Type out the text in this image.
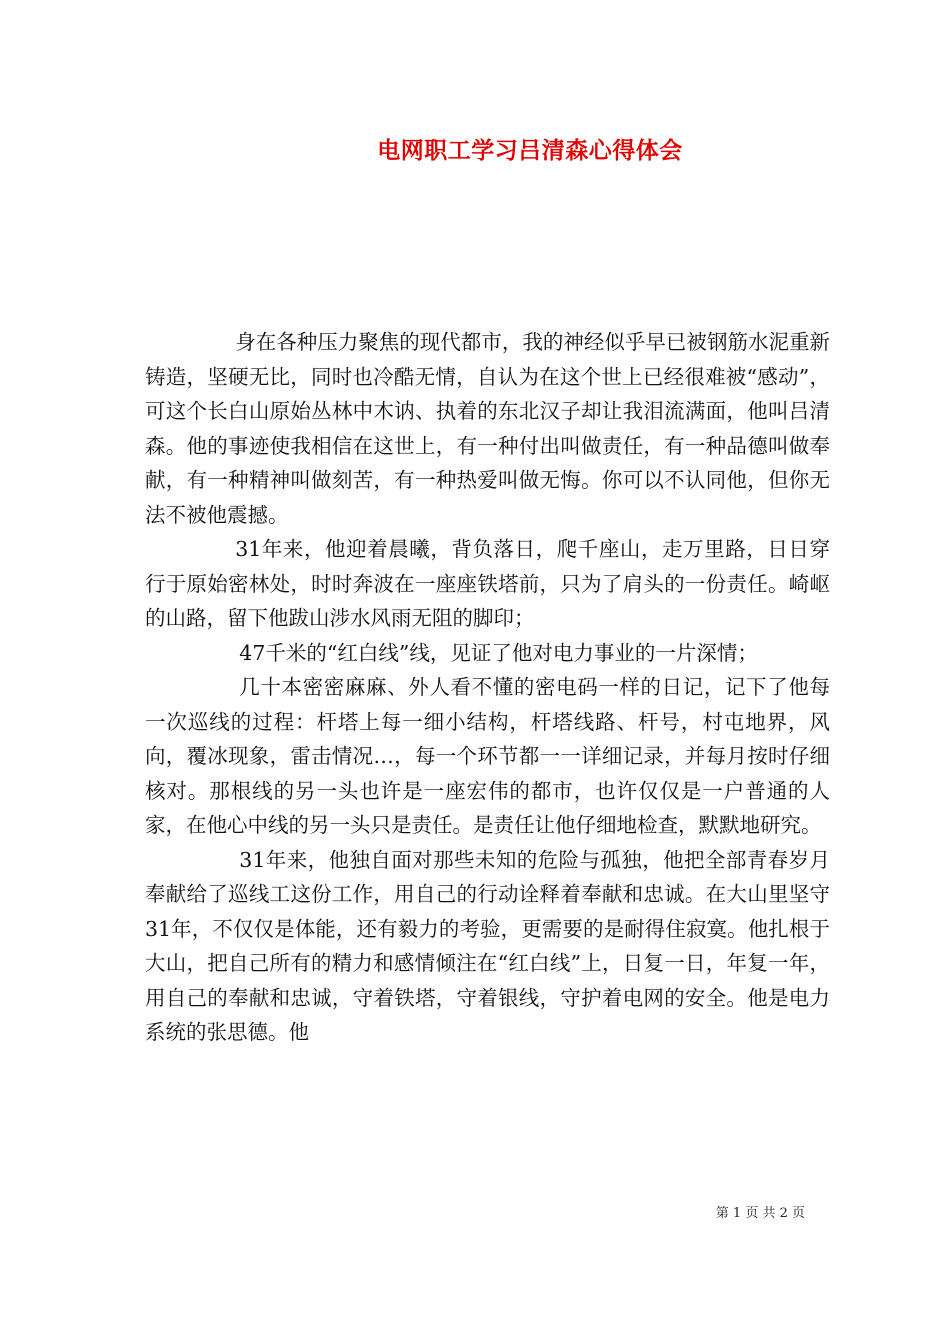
电网职工学习吕清森心得体会

身在各种压力聚焦的现代都市，我的神经似乎早已被钢筋水泥重新铸造，坚硬无比，同时也冷酷无情，自认为在这个世上已经很难被“感动”，可这个长白山原始丛林中木讷、执着的东北汉子却让我泪流满面，他叫吕清森。他的事迹使我相信在这世上，有一种付出叫做责任，有一种品德叫做奉献，有一种精神叫做刻苦，有一种热爱叫做无悔。你可以不认同他，但你无法不被他震撼。

31年来，他迎着晨曦，背负落日，爬千座山，走万里路，日日穿行于原始密林处，时时奔波在一座座铁塔前，只为了肩头的一份责任。崎岖的山路，留下他跋山涉水风雨无阻的脚印；

47千米的“红白线”线，见证了他对电力事业的一片深情；

几十本密密麻麻、外人看不懂的密电码一样的日记，记下了他每一次巡线的过程：杆塔上每一细小结构，杆塔线路、杆号，村屯地界，风向，覆冰现象，雷击情况…，每一个环节都一一详细记录，并每月按时仔细核对。那根线的另一头也许是一座宏伟的都市，也许仅仅是一户普通的人家，在他心中线的另一头只是责任。是责任让他仔细地检查，默默地研究。

31年来，他独自面对那些未知的危险与孤独，他把全部青春岁月奉献给了巡线工这份工作，用自己的行动诠释着奉献和忠诚。在大山里坚守31年，不仅仅是体能，还有毅力的考验，更需要的是耐得住寂寞。他扎根于大山，把自己所有的精力和感情倾注在“红白线”上，日复一日，年复一年，用自己的奉献和忠诚，守着铁塔，守着银线，守护着电网的安全。他是电力系统的张思德。他

第 1 页 共 2 页
